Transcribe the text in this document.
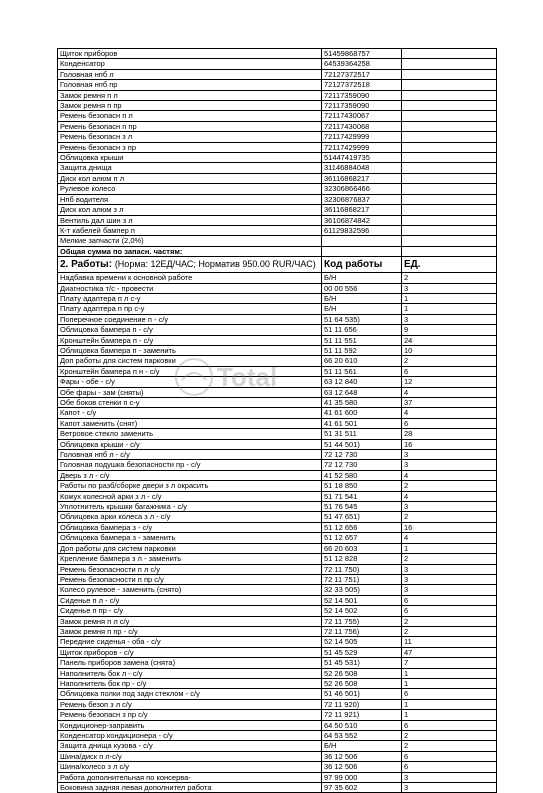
Щиток приборов	51459868757	
Конденсатор	64539364258	
Головная нпб л	72127372517	
Головная нпб пр	72127372518	
Замок ремня п л	72117359090	
Замок ремня п пр	72117359090	
Ремень безопасн п л	72117430067	
Ремень безопасн п пр	72117430068	
Ремень безопасн з л	72117429999	
Ремень безопасн з пр	72117429999	
Облицовка крыши	51447419735	
Защита днища	31146884048	
Диск кол алюм п л	36116868217	
Рулевое колесо	32306866466	
Нпб водителя	32306876837	
Диск кол алюм з л	36116868217	
Вентиль дал шин з л	36106874842	
К-т кабелей бампер п	61129832596	
Мелкие запчасти (2,0%)		
Общая сумма по запасн. частям:		
2. Работы: (Норма: 12ЕД/ЧАС; Норматив 950.00 RUR/ЧАС)	Код работы	ЕД.
Надбавка времени к основной работе	Б/Н	2
Диагностика т/с - провести	00 00 556	3
Плату адаптера п л с-у	Б/Н	1
Плату адаптера п пр с-у	Б/Н	1
Поперечное соединение п - с/у	51 64 535)	3
Облицовка бампера п - с/у	51 11 656	9
Кронштейн бампера п - с/у	51 11 551	24
Облицовка бампера п - заменить	51 11 592	10
Доп работы для систем парковки	66 20 610	2
Кронштейн бампера п н - с/у	51 11 561	6
Фары - обе - с/у	63 12 840	12
Обе фары - зам (сняты)	63 12 648	4
Обе боков стенки п с-у	41 35 580	37
Капот - с/у	41 61 600	4
Капот заменить (снят)	41 61 501	6
Ветровое стекло заменить	51 31 511	28
Облицовка крыши - с/у	51 44 501)	16
Головная нпб л - с/у	72 12 730	3
Головная подушка безопасности пр - с/у	72 12 730	3
Дверь з л - с/у	41 52 580	4
Работы по разб/сборке двери з л окрасить	51 18 850	2
Кожух колесной арки з л - с/у	51 71 541	4
Уплотнитель крышки багажника - с/у	51 76 545	3
Облицовка арки колеса з л - с/у	51 47 651)	2
Облицовка бампера з - с/у	51 12 656	16
Облицовка бампера з - заменить	51 12 657	4
Доп работы для систем парковки	66 20 603	1
Крепление бампера з л - заменить	51 12 828	2
Ремень безопасности п л с/у	72 11 750)	3
Ремень безопасности п пр с/у	72 11 751)	3
Колесо рулевое - заменить (снято)	32 33 505)	3
Сиденье п л - с/у	52 14 501	6
Сиденье п пр - с/у	52 14 502	6
Замок ремня п л с/у	72 11 755)	2
Замок ремня п пр - с/у	72 11 756)	2
Передние сиденья - оба - с/у	52 14 505	11
Щиток приборов - с/у	51 45 529	47
Панель приборов замена (снята)	51 45 531)	7
Наполнитель бок л - с/у	52 26 508	1
Наполнитель бок пр - с/у	52 26 508	1
Облицовка полки под задн стеклом - с/у	51 46 501)	6
Ремень безоп з л с/у	72 11 920)	1
Ремень безопасн з пр с/у	72 11 921)	1
Кондиционер-заправить	64 50 510	6
Конденсатор кондиционера - с/у	64 53 552	2
Защита днища кузова - с/у	Б/Н	2
Шина/диск п л-с/у	36 12 506	6
Шина/колесо з л с/у	36 12 506	6
Работа дополнительная по консерва-	97 99 000	3
Боковина задняя левая дополнител работа	97 35 602	3
Total
